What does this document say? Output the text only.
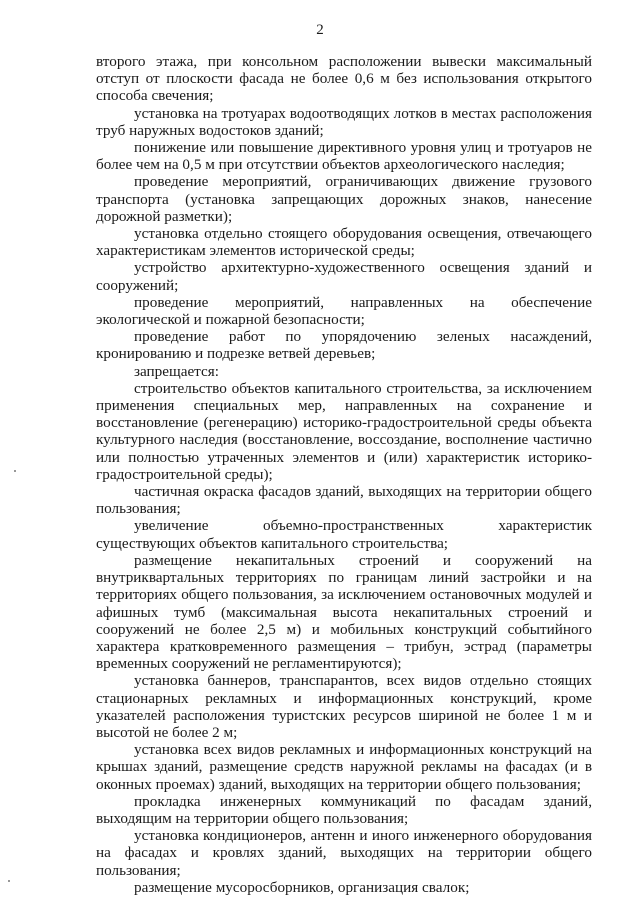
2

второго этажа, при консольном расположении вывески максимальный отступ от плоскости фасада не более 0,6 м без использования открытого способа свечения;

установка на тротуарах водоотводящих лотков в местах расположения труб наружных водостоков зданий;

понижение или повышение директивного уровня улиц и тротуаров не более чем на 0,5 м при отсутствии объектов археологического наследия;

проведение мероприятий, ограничивающих движение грузового транспорта (установка запрещающих дорожных знаков, нанесение дорожной разметки);

установка отдельно стоящего оборудования освещения, отвечающего характеристикам элементов исторической среды;

устройство архитектурно-художественного освещения зданий и сооружений;

проведение мероприятий, направленных на обеспечение экологической и пожарной безопасности;

проведение работ по упорядочению зеленых насаждений, кронированию и подрезке ветвей деревьев;

запрещается:

строительство объектов капитального строительства, за исключением применения специальных мер, направленных на сохранение и восстановление (регенерацию) историко-градостроительной среды объекта культурного наследия (восстановление, воссоздание, восполнение частично или полностью утраченных элементов и (или) характеристик историко-градостроительной среды);

частичная окраска фасадов зданий, выходящих на территории общего пользования;

увеличение объемно-пространственных характеристик существующих объектов капитального строительства;

размещение некапитальных строений и сооружений на внутриквартальных территориях по границам линий застройки и на территориях общего пользования, за исключением остановочных модулей и афишных тумб (максимальная высота некапитальных строений и сооружений не более 2,5 м) и мобильных конструкций событийного характера кратковременного размещения – трибун, эстрад (параметры временных сооружений не регламентируются);

установка баннеров, транспарантов, всех видов отдельно стоящих стационарных рекламных и информационных конструкций, кроме указателей расположения туристских ресурсов шириной не более 1 м и высотой не более 2 м;

установка всех видов рекламных и информационных конструкций на крышах зданий, размещение средств наружной рекламы на фасадах (и в оконных проемах) зданий, выходящих на территории общего пользования;

прокладка инженерных коммуникаций по фасадам зданий, выходящим на территории общего пользования;

установка кондиционеров, антенн и иного инженерного оборудования на фасадах и кровлях зданий, выходящих на территории общего пользования;

размещение мусоросборников, организация свалок;
